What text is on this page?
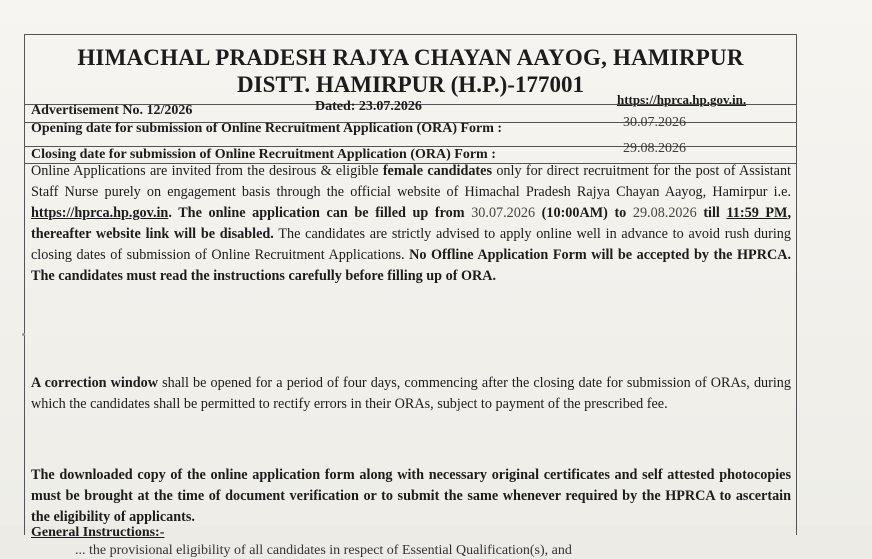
HIMACHAL PRADESH RAJYA CHAYAN AAYOG, HAMIRPUR
DISTT. HAMIRPUR (H.P.)-177001
Advertisement No. 12/2026	Dated: 23.07.2026	https://hprca.hp.gov.in.
Opening date for submission of Online Recruitment Application (ORA) Form :	30.07.2026
Closing date for submission of Online Recruitment Application (ORA) Form :	29.08.2026
Online Applications are invited from the desirous & eligible female candidates only for direct recruitment for the post of Assistant Staff Nurse purely on engagement basis through the official website of Himachal Pradesh Rajya Chayan Aayog, Hamirpur i.e. https://hprca.hp.gov.in. The online application can be filled up from 30.07.2026 (10:00AM) to 29.08.2026 till 11:59 PM, thereafter website link will be disabled. The candidates are strictly advised to apply online well in advance to avoid rush during closing dates of submission of Online Recruitment Applications. No Offline Application Form will be accepted by the HPRCA. The candidates must read the instructions carefully before filling up of ORA.
A correction window shall be opened for a period of four days, commencing after the closing date for submission of ORAs, during which the candidates shall be permitted to rectify errors in their ORAs, subject to payment of the prescribed fee.
The downloaded copy of the online application form along with necessary original certificates and self attested photocopies must be brought at the time of document verification or to submit the same whenever required by the HPRCA to ascertain the eligibility of applicants.
General Instructions:-
... the provisional eligibility of all candidates in respect of Essential Qualification(s), and
